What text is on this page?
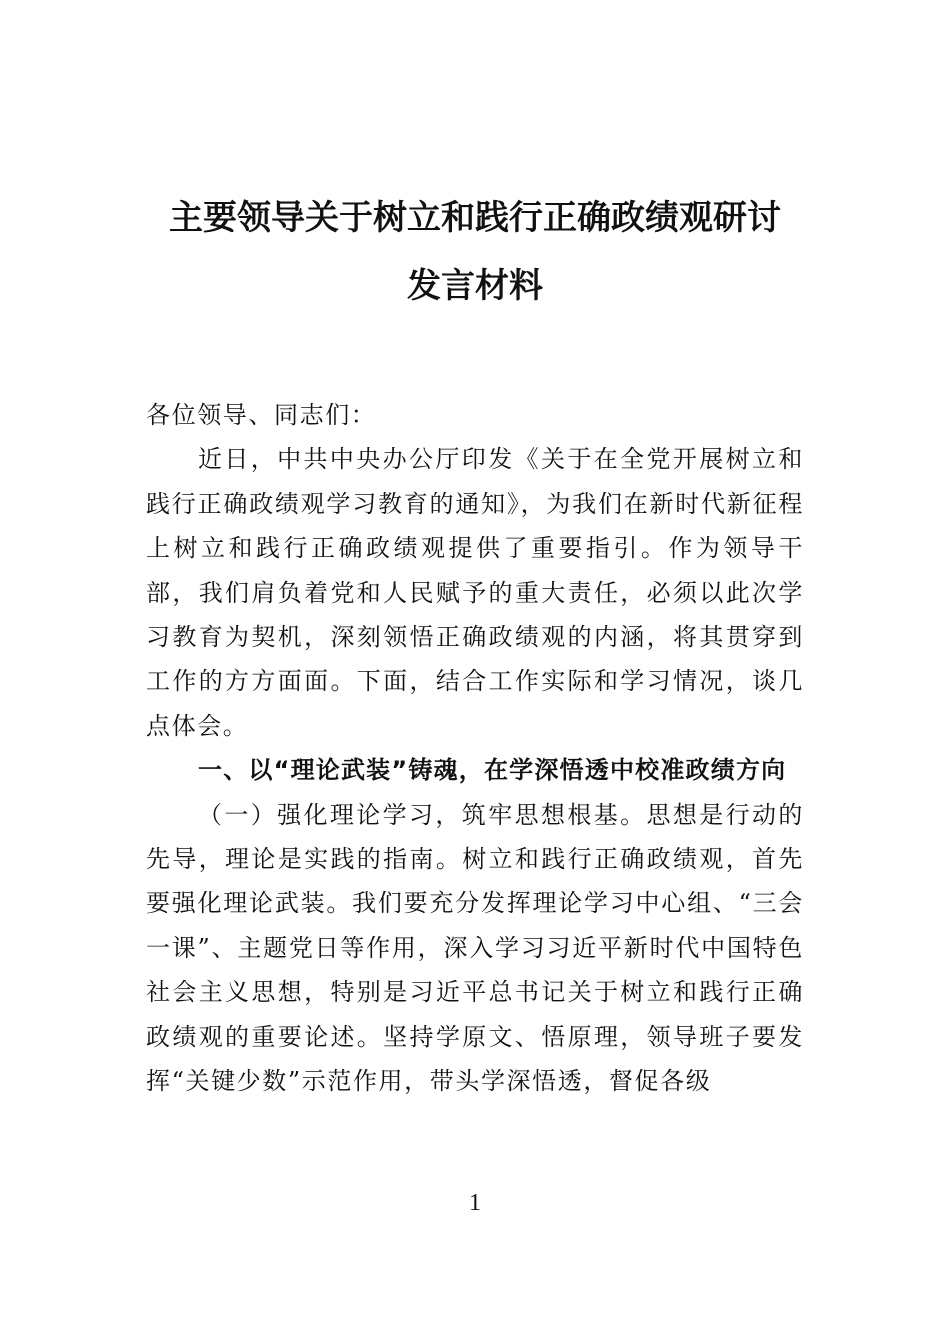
主要领导关于树立和践行正确政绩观研讨
发言材料

各位领导、同志们：

近日，中共中央办公厅印发《关于在全党开展树立和践行正确政绩观学习教育的通知》，为我们在新时代新征程上树立和践行正确政绩观提供了重要指引。作为领导干部，我们肩负着党和人民赋予的重大责任，必须以此次学习教育为契机，深刻领悟正确政绩观的内涵，将其贯穿到工作的方方面面。下面，结合工作实际和学习情况，谈几点体会。

一、以“理论武装”铸魂，在学深悟透中校准政绩方向

（一）强化理论学习，筑牢思想根基。思想是行动的先导，理论是实践的指南。树立和践行正确政绩观，首先要强化理论武装。我们要充分发挥理论学习中心组、“三会一课”、主题党日等作用，深入学习习近平新时代中国特色社会主义思想，特别是习近平总书记关于树立和践行正确政绩观的重要论述。坚持学原文、悟原理，领导班子要发挥“关键少数”示范作用，带头学深悟透，督促各级

1
